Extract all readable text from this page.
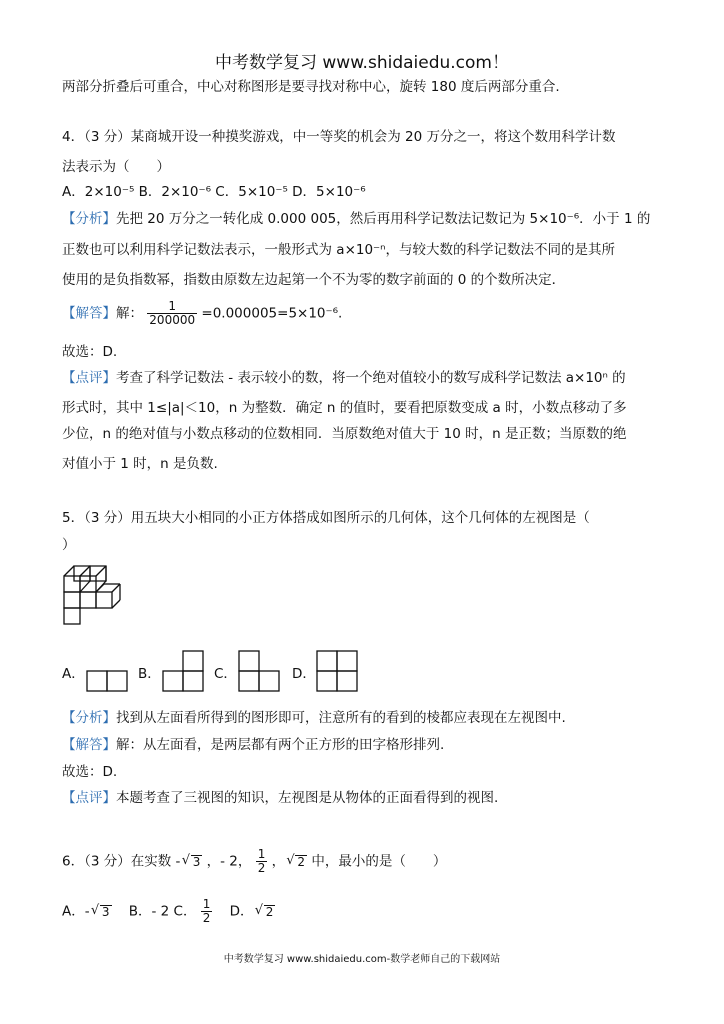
中考数学复习 www.shidaiedu.com！
两部分折叠后可重合，中心对称图形是要寻找对称中心，旋转 180 度后两部分重合.
4．（3 分）某商城开设一种摸奖游戏，中一等奖的机会为 20 万分之一，将这个数用科学计数
法表示为（　　）
A．2×10⁻⁵ B．2×10⁻⁶ C．5×10⁻⁵ D．5×10⁻⁶
【分析】先把 20 万分之一转化成 0.000 005，然后再用科学记数法记数记为 5×10⁻⁶．小于 1 的
正数也可以利用科学记数法表示，一般形式为 a×10⁻ⁿ，与较大数的科学记数法不同的是其所
使用的是负指数幂，指数由原数左边起第一个不为零的数字前面的 0 的个数所决定．
【解答】解： $\frac{1}{200000} =0.000005=5\times 10^{-6}$.
故选：D.
【点评】考查了科学记数法 - 表示较小的数，将一个绝对值较小的数写成科学记数法 a×10ⁿ 的
形式时，其中 1≤|a|＜10，n 为整数．确定 n 的值时，要看把原数变成 a 时，小数点移动了多
少位，n 的绝对值与小数点移动的位数相同．当原数绝对值大于 10 时，n 是正数；当原数的绝
对值小于 1 时，n 是负数.
5．（3 分）用五块大小相同的小正方体搭成如图所示的几何体，这个几何体的左视图是（
）
A．	B．	C．	D．
【分析】找到从左面看所得到的图形即可，注意所有的看到的棱都应表现在左视图中.
【解答】解：从左面看，是两层都有两个正方形的田字格形排列.
故选：D.
【点评】本题考查了三视图的知识，左视图是从物体的正面看得到的视图.
6．（3 分）在实数 - √ 3 ，- 2， $\frac{1}{2}$ ， √ 2 中，最小的是（　　）
A．- √ 3 B．- 2 C． $\frac{1}{2}$ D． √ 2
中考数学复习 www.shidaiedu.com-数学老师自己的下载网站
